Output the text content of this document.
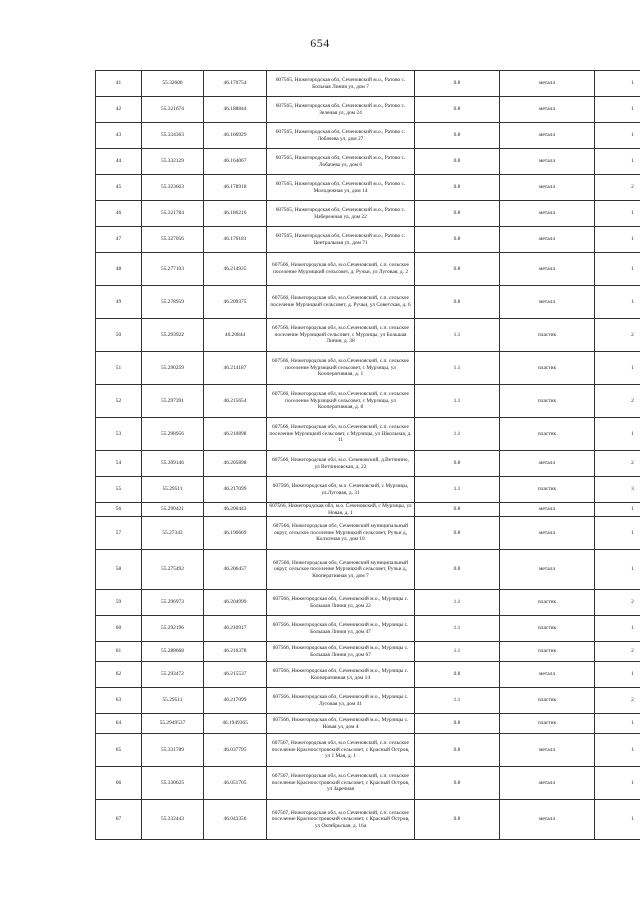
654
41	55.32606	46.170754	607565, Нижегородская обл, Сеченовский м.о., Ратово с. Больная Линия ул, дом 7	0.8	металл	1
42	55.321674	46.188844	607565, Нижегородская обл, Сеченовский м.о., Ратово с. Зеленая ул, дом 24	0.8	металл	1
43	55.334363	46.166929	607565, Нижегородская обл, Сеченовский м.о., Ратово с. Лобачева ул, дом 27	0.8	металл	1
44	55.332129	46.164067	607565, Нижегородская обл, Сеченовский м.о., Ратово с. Лобачева ул, дом 6	0.8	металл	1
45	55.323663	46.178918	607565, Нижегородская обл, Сеченовский м.о., Ратово с. Молодежная ул, дом 14	0.8	металл	2
46	55.321784	46.186216	607565, Нижегородская обл, Сеченовский м.о., Ратово с. Набережная ул, дом 22	0.8	металл	1
47	55.327056	46.176181	607565, Нижегородская обл, Сеченовский м.о., Ратово с. Центральная ул, дом 71	0.8	металл	1
48	55.277103	46.214935	607566, Нижегородская обл, м.о.Сеченовский, с.п. сельское поселение Мурзицкий сельсовет, д. Ручьи, ул Луговая, д. 2	0.8	металл	1
49	55.278959	46.209375	607566, Нижегородская обл, м.о.Сеченовский, с.п. сельское поселение Мурзицкий сельсовет, д. Ручьи, ул Советская, д. 6	0.8	металл	1
50	55.293922	46.20844	607566, Нижегородская обл, м.о.Сеченовский, с.п. сельское поселение Мурзицкий сельсовет, с Мурзицы, ул Большая Линия, д. 38	1.1	пластик	2
51	55.290259	46.214187	607566, Нижегородская обл, м.о.Сеченовский, с.п. сельское поселение Мурзицкий сельсовет, с Мурзицы, ул Кооперативная, д. 1	1.1	пластик	1
52	55.297391	46.215654	607566, Нижегородская обл, м.о.Сеченовский, с.п. сельское поселение Мурзицкий сельсовет, с Мурзицы, ул Кооперативная, д. 8	1.1	пластик	2
53	55.298956	46.210898	607566, Нижегородская обл, м.о.Сеченовский, с.п. сельское поселение Мурзицкий сельсовет, с Мурзицы, ул Школьная, д. 11	1.1	пластик	1
54	55.309146	46.205898	607566, Нижегородская обл, м.о. Сеченовский, д.Ветчинно, ул Ветчиновская, д. 23	0.8	металл	2
55	55.29511	46.217099	607566, Нижегородская обл, м.о. Сеченовский, с Мурзицы, ул.Луговая, д. 31	1.1	пластик	3
56	55.290421	46.200443	607566, Нижегородская обл, м.о. Сеченовский, с Мурзицы, ул Новая, д. 1	0.8	металл	1
57	55.27343	46.196669	607566, Нижегородская обл, Сеченовский муниципальный округ, сельское поселение Мурзицкий сельсовет, Ручьи д, Колхозная ул, дом 10	0.8	металл	1
58	55.275492	46.206457	607566, Нижегородская обл, Сеченовский муниципальный округ, сельское поселение Мурзицкий сельсовет, Ручьи д, Кооперативная ул, дом 7	0.8	металл	1
59	55.296973	46.204999	607566, Нижегородская обл, Сеченовский м.о., Мурзицы с. Большая Линия ул, дом 22	1.1	пластик	2
60	55.292196	46.210917	607566, Нижегородская обл, Сеченовский м.о., Мурзицы с. Большая Линия ул, дом 47	1.1	пластик	1
61	55.288668	46.216378	607566, Нижегородская обл, Сеченовский м.о., Мурзицы с. Большая Линия ул, дом 67	1.1	пластик	2
62	55.293472	46.215537	607566, Нижегородская обл, Сеченовский м.о., Мурзицы с. Кооперативная ул, дом 14	0.8	металл	1
63	55.29511	46.217099	607566, Нижегородская обл, Сеченовский м.о., Мурзицы с. Луговая ул, дом 41	1.1	пластик	2
64	55.2949537	46.1949365	607566, Нижегородская обл, Сеченовский м.о., Мурзицы с. Новая ул, дом 4	0.8	пластик	1
65	55.331789	46.037795	607567, Нижегородская обл, м.о Сеченовский, с.п. сельское поселение Красноостровский сельсовет, с Красный Остров, ул 1 Мая, д. 1	0.8	металл	1
66	55.330625	46.051705	607567, Нижегородская обл, м.о Сеченовский, с.п. сельское поселение Красноостровский сельсовет, с Красный Остров, ул Заречная	0.8	металл	1
67	55.332443	46.043356	607567, Нижегородская обл, м.о Сеченовский, с.п. сельское поселение Красноостровский сельсовет, с Красный Остров, ул Октябрьская, д. 16а	0.8	металл	1
